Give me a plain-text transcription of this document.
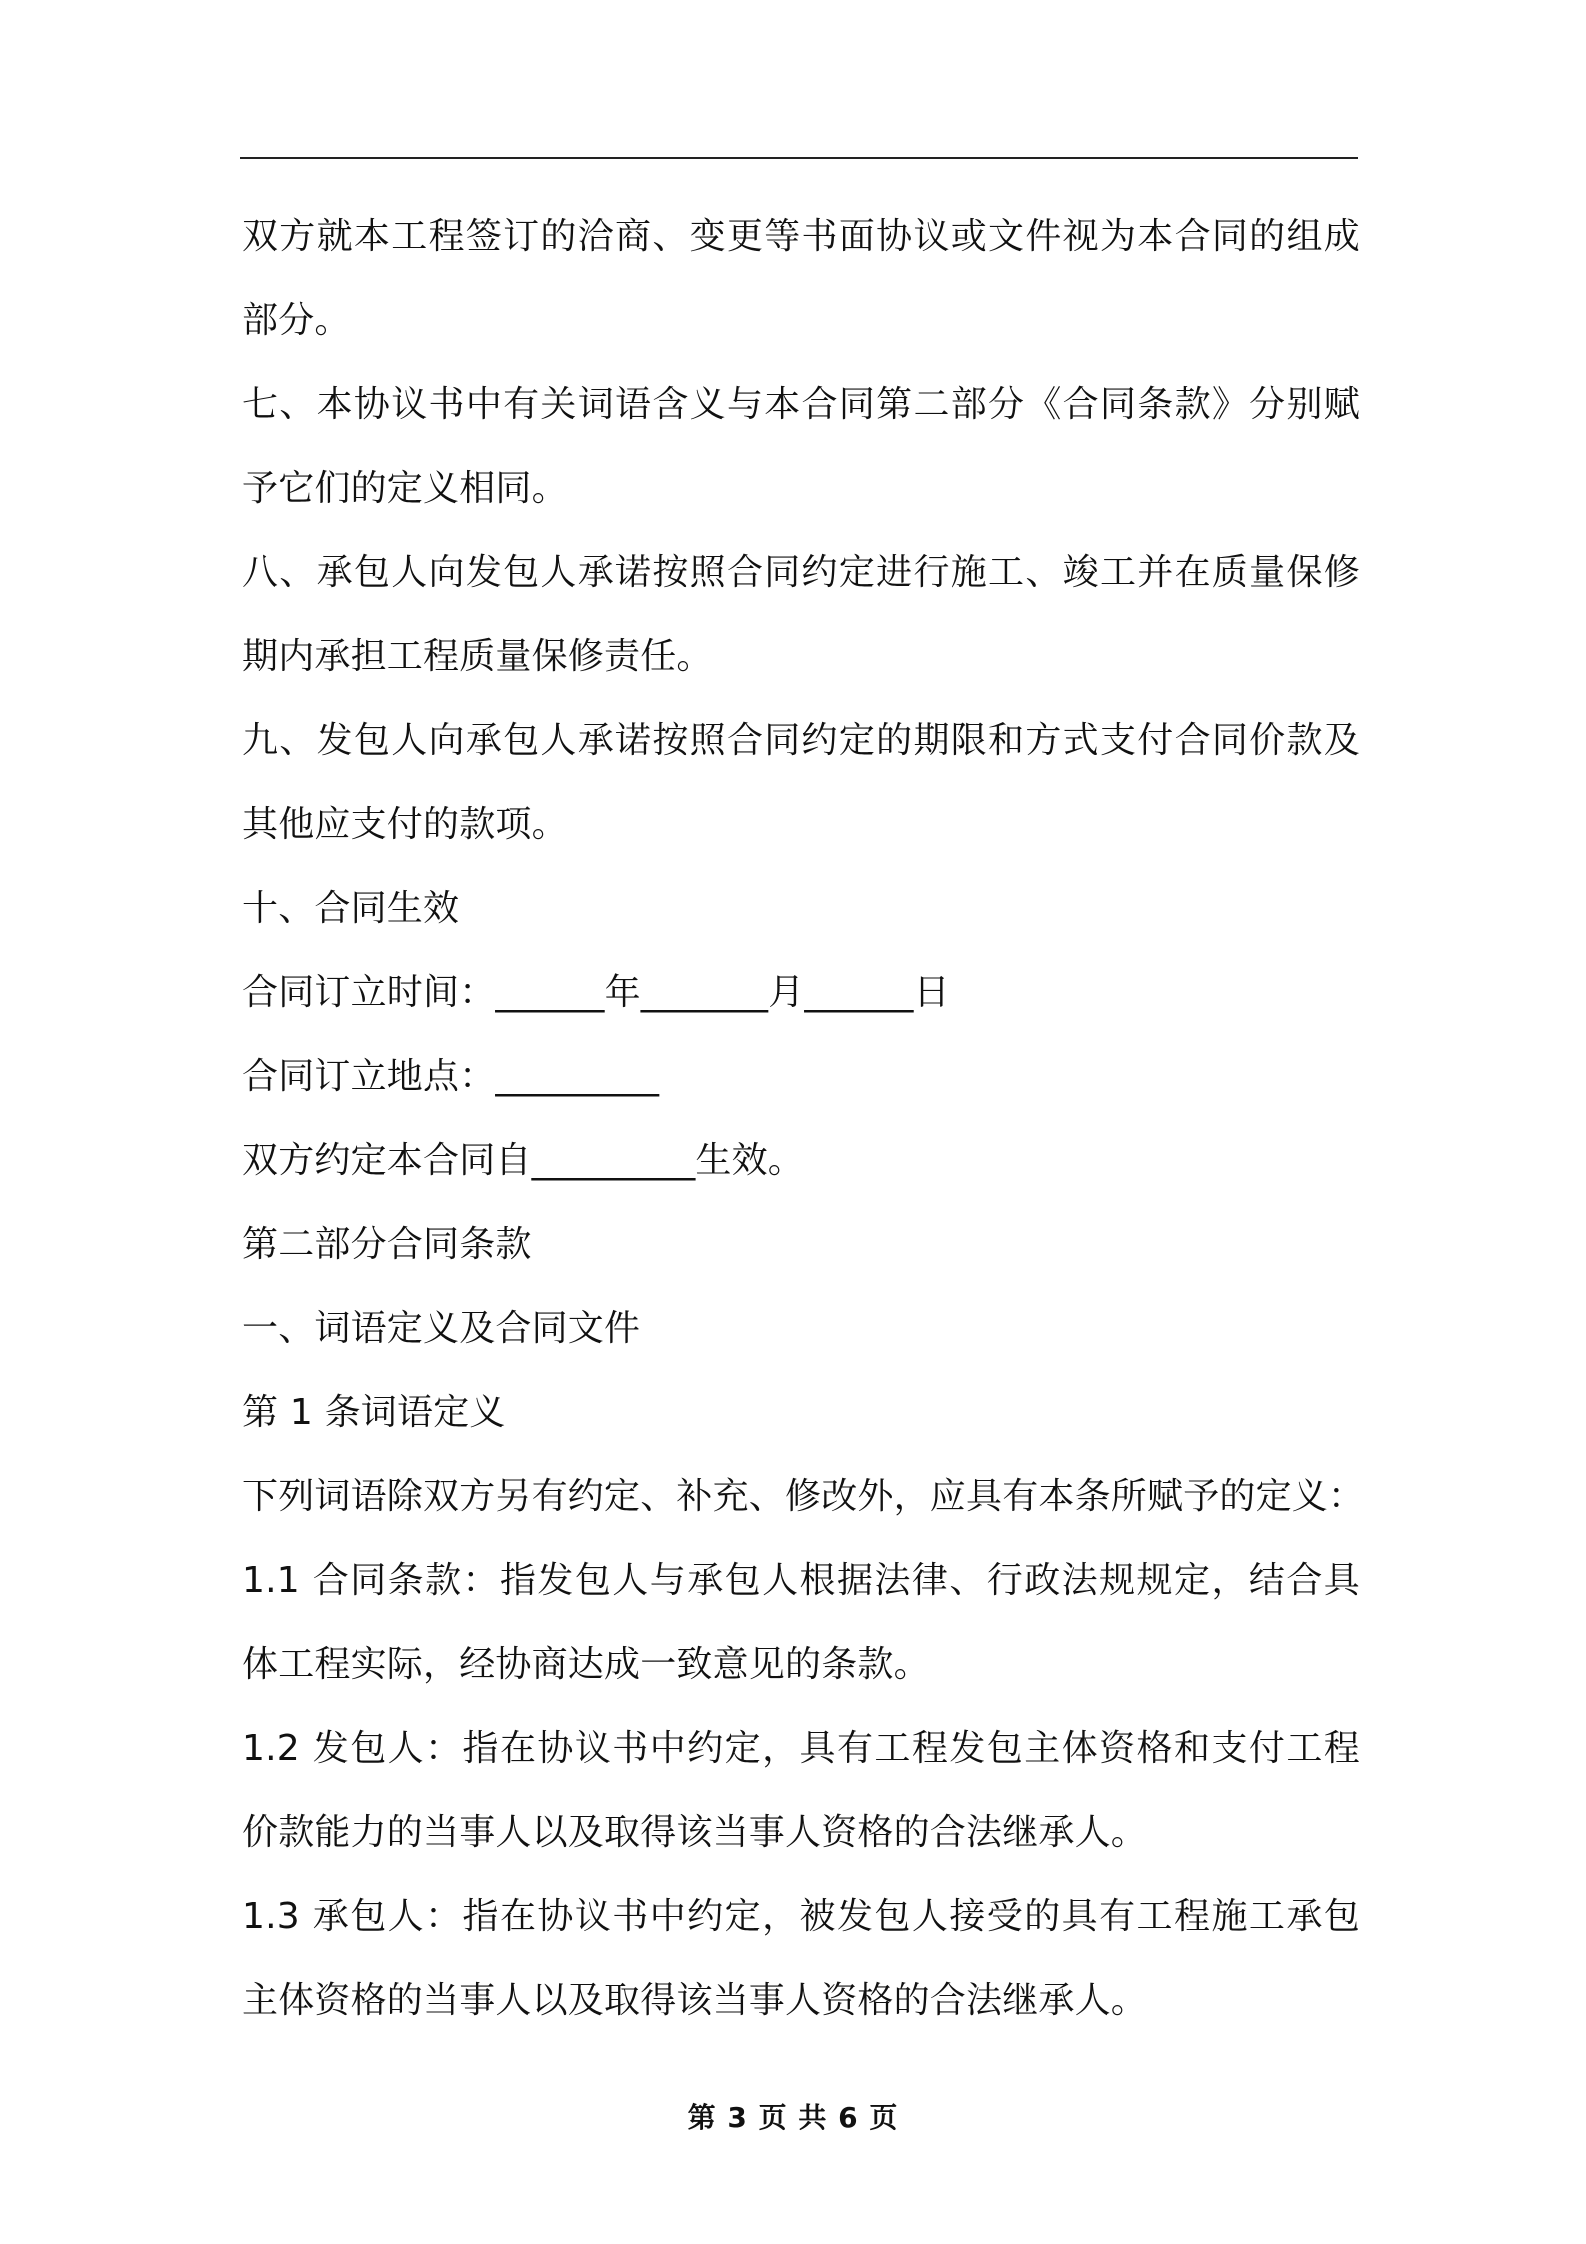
双方就本工程签订的洽商、变更等书面协议或文件视为本合同的组成
部分。
七、本协议书中有关词语含义与本合同第二部分《合同条款》分别赋
予它们的定义相同。
八、承包人向发包人承诺按照合同约定进行施工、竣工并在质量保修
期内承担工程质量保修责任。
九、发包人向承包人承诺按照合同约定的期限和方式支付合同价款及
其他应支付的款项。
十、合同生效
合同订立时间：______年_______月______日
合同订立地点：_________
双方约定本合同自_________生效。
第二部分合同条款
一、词语定义及合同文件
第 1 条词语定义
下列词语除双方另有约定、补充、修改外，应具有本条所赋予的定义：
1.1 合同条款：指发包人与承包人根据法律、行政法规规定，结合具
体工程实际，经协商达成一致意见的条款。
1.2 发包人：指在协议书中约定，具有工程发包主体资格和支付工程
价款能力的当事人以及取得该当事人资格的合法继承人。
1.3 承包人：指在协议书中约定，被发包人接受的具有工程施工承包
主体资格的当事人以及取得该当事人资格的合法继承人。
第 3 页 共 6 页
